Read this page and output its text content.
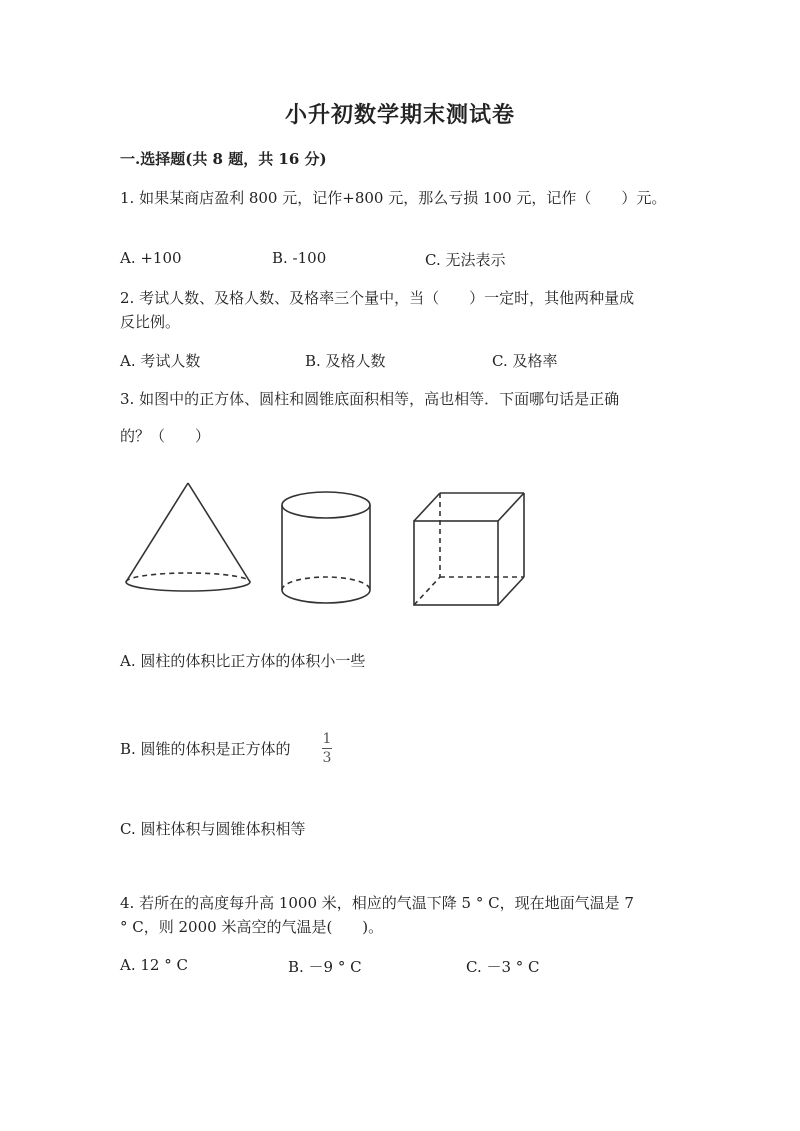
小升初数学期末测试卷
一.选择题(共 8 题，共 16 分)
1. 如果某商店盈利 800 元，记作+800 元，那么亏损 100 元，记作（　　）元。
A. +100	B. -100	C. 无法表示
2. 考试人数、及格人数、及格率三个量中，当（　　）一定时，其他两种量成
反比例。
A. 考试人数	B. 及格人数	C. 及格率
3. 如图中的正方体、圆柱和圆锥底面积相等，高也相等．下面哪句话是正确
的？（　　）
A. 圆柱的体积比正方体的体积小一些
B. 圆锥的体积是正方体的
1
3
C. 圆柱体积与圆锥体积相等
4. 若所在的高度每升高 1000 米，相应的气温下降 5 ° C，现在地面气温是 7
° C，则 2000 米高空的气温是(　　)。
A. 12 ° C	B. －9 ° C	C. －3 ° C
